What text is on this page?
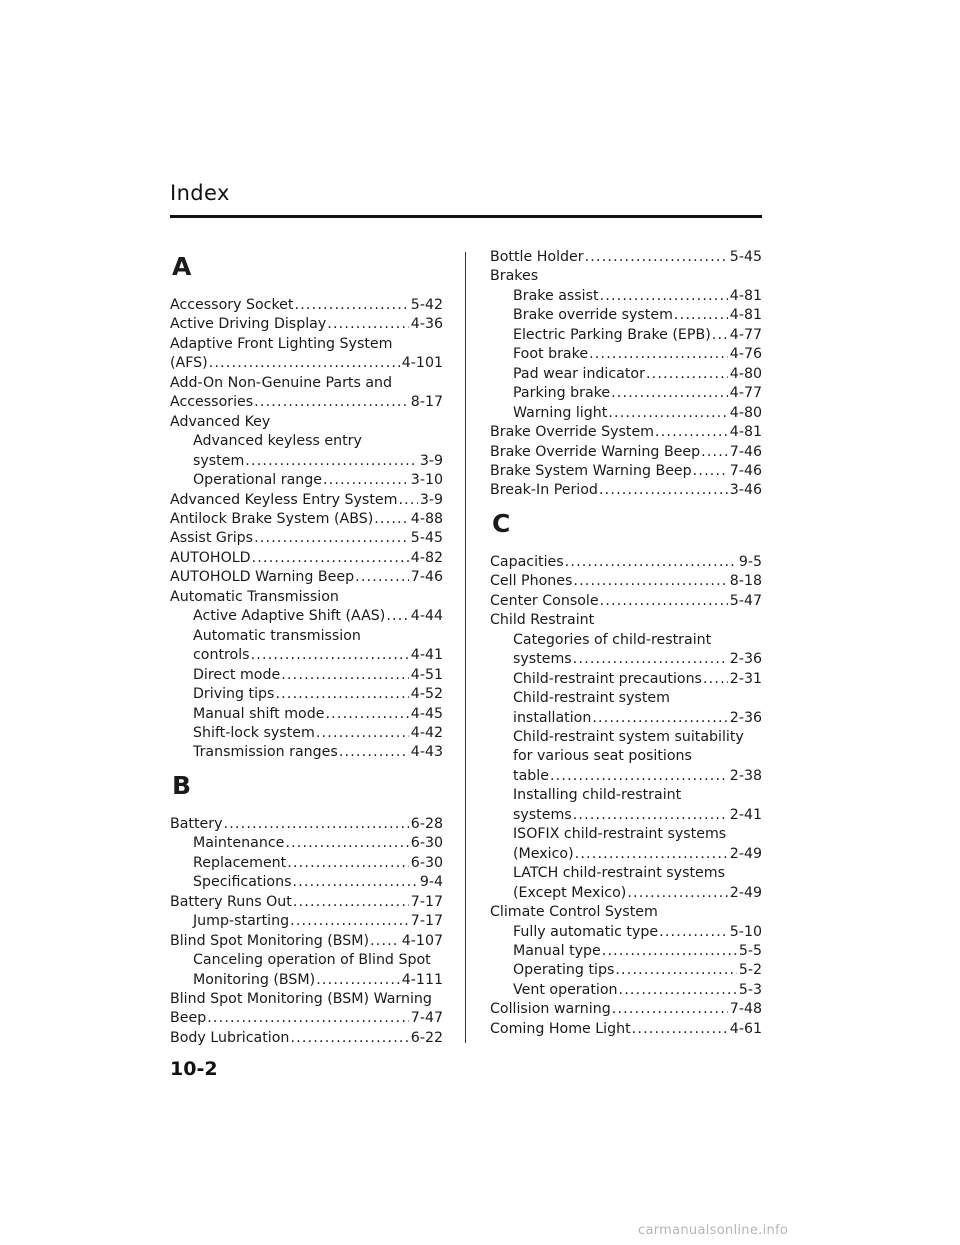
Index
A
Accessory Socket .....	5-42
Active Driving Display .....	4-36
Adaptive Front Lighting System
(AFS) .....	4-101
Add-On Non-Genuine Parts and
Accessories .....	8-17
Advanced Key
Advanced keyless entry
system .....	3-9
Operational range .....	3-10
Advanced Keyless Entry System ..... 3-9
Antilock Brake System (ABS) .....	4-88
Assist Grips .....	5-45
AUTOHOLD .....	4-82
AUTOHOLD Warning Beep .....	7-46
Automatic Transmission
Active Adaptive Shift (AAS) ..... 4-44
Automatic transmission
controls .....	4-41
Direct mode .....	4-51
Driving tips .....	4-52
Manual shift mode .....	4-45
Shift-lock system .....	4-42
Transmission ranges .....	4-43
B
Battery .....	6-28
Maintenance .....	6-30
Replacement .....	6-30
Specifications .....	9-4
Battery Runs Out .....	7-17
Jump-starting .....	7-17
Blind Spot Monitoring (BSM) ..... 4-107
Canceling operation of Blind Spot
Monitoring (BSM) .....	4-111
Blind Spot Monitoring (BSM) Warning
Beep .....	7-47
Body Lubrication .....	6-22
Bottle Holder .....	5-45
Brakes
Brake assist .....	4-81
Brake override system .....	4-81
Electric Parking Brake (EPB) ..... 4-77
Foot brake .....	4-76
Pad wear indicator .....	4-80
Parking brake .....	4-77
Warning light .....	4-80
Brake Override System .....	4-81
Brake Override Warning Beep ..... 7-46
Brake System Warning Beep .....	7-46
Break-In Period .....	3-46
C
Capacities .....	9-5
Cell Phones .....	8-18
Center Console .....	5-47
Child Restraint
Categories of child-restraint
systems .....	2-36
Child-restraint precautions ..... 2-31
Child-restraint system
installation .....	2-36
Child-restraint system suitability
for various seat positions
table .....	2-38
Installing child-restraint
systems .....	2-41
ISOFIX child-restraint systems
(Mexico) .....	2-49
LATCH child-restraint systems
(Except Mexico) .....	2-49
Climate Control System
Fully automatic type .....	5-10
Manual type .....	5-5
Operating tips .....	5-2
Vent operation .....	5-3
Collision warning .....	7-48
Coming Home Light .....	4-61
10-2
carmanualsonline.info
